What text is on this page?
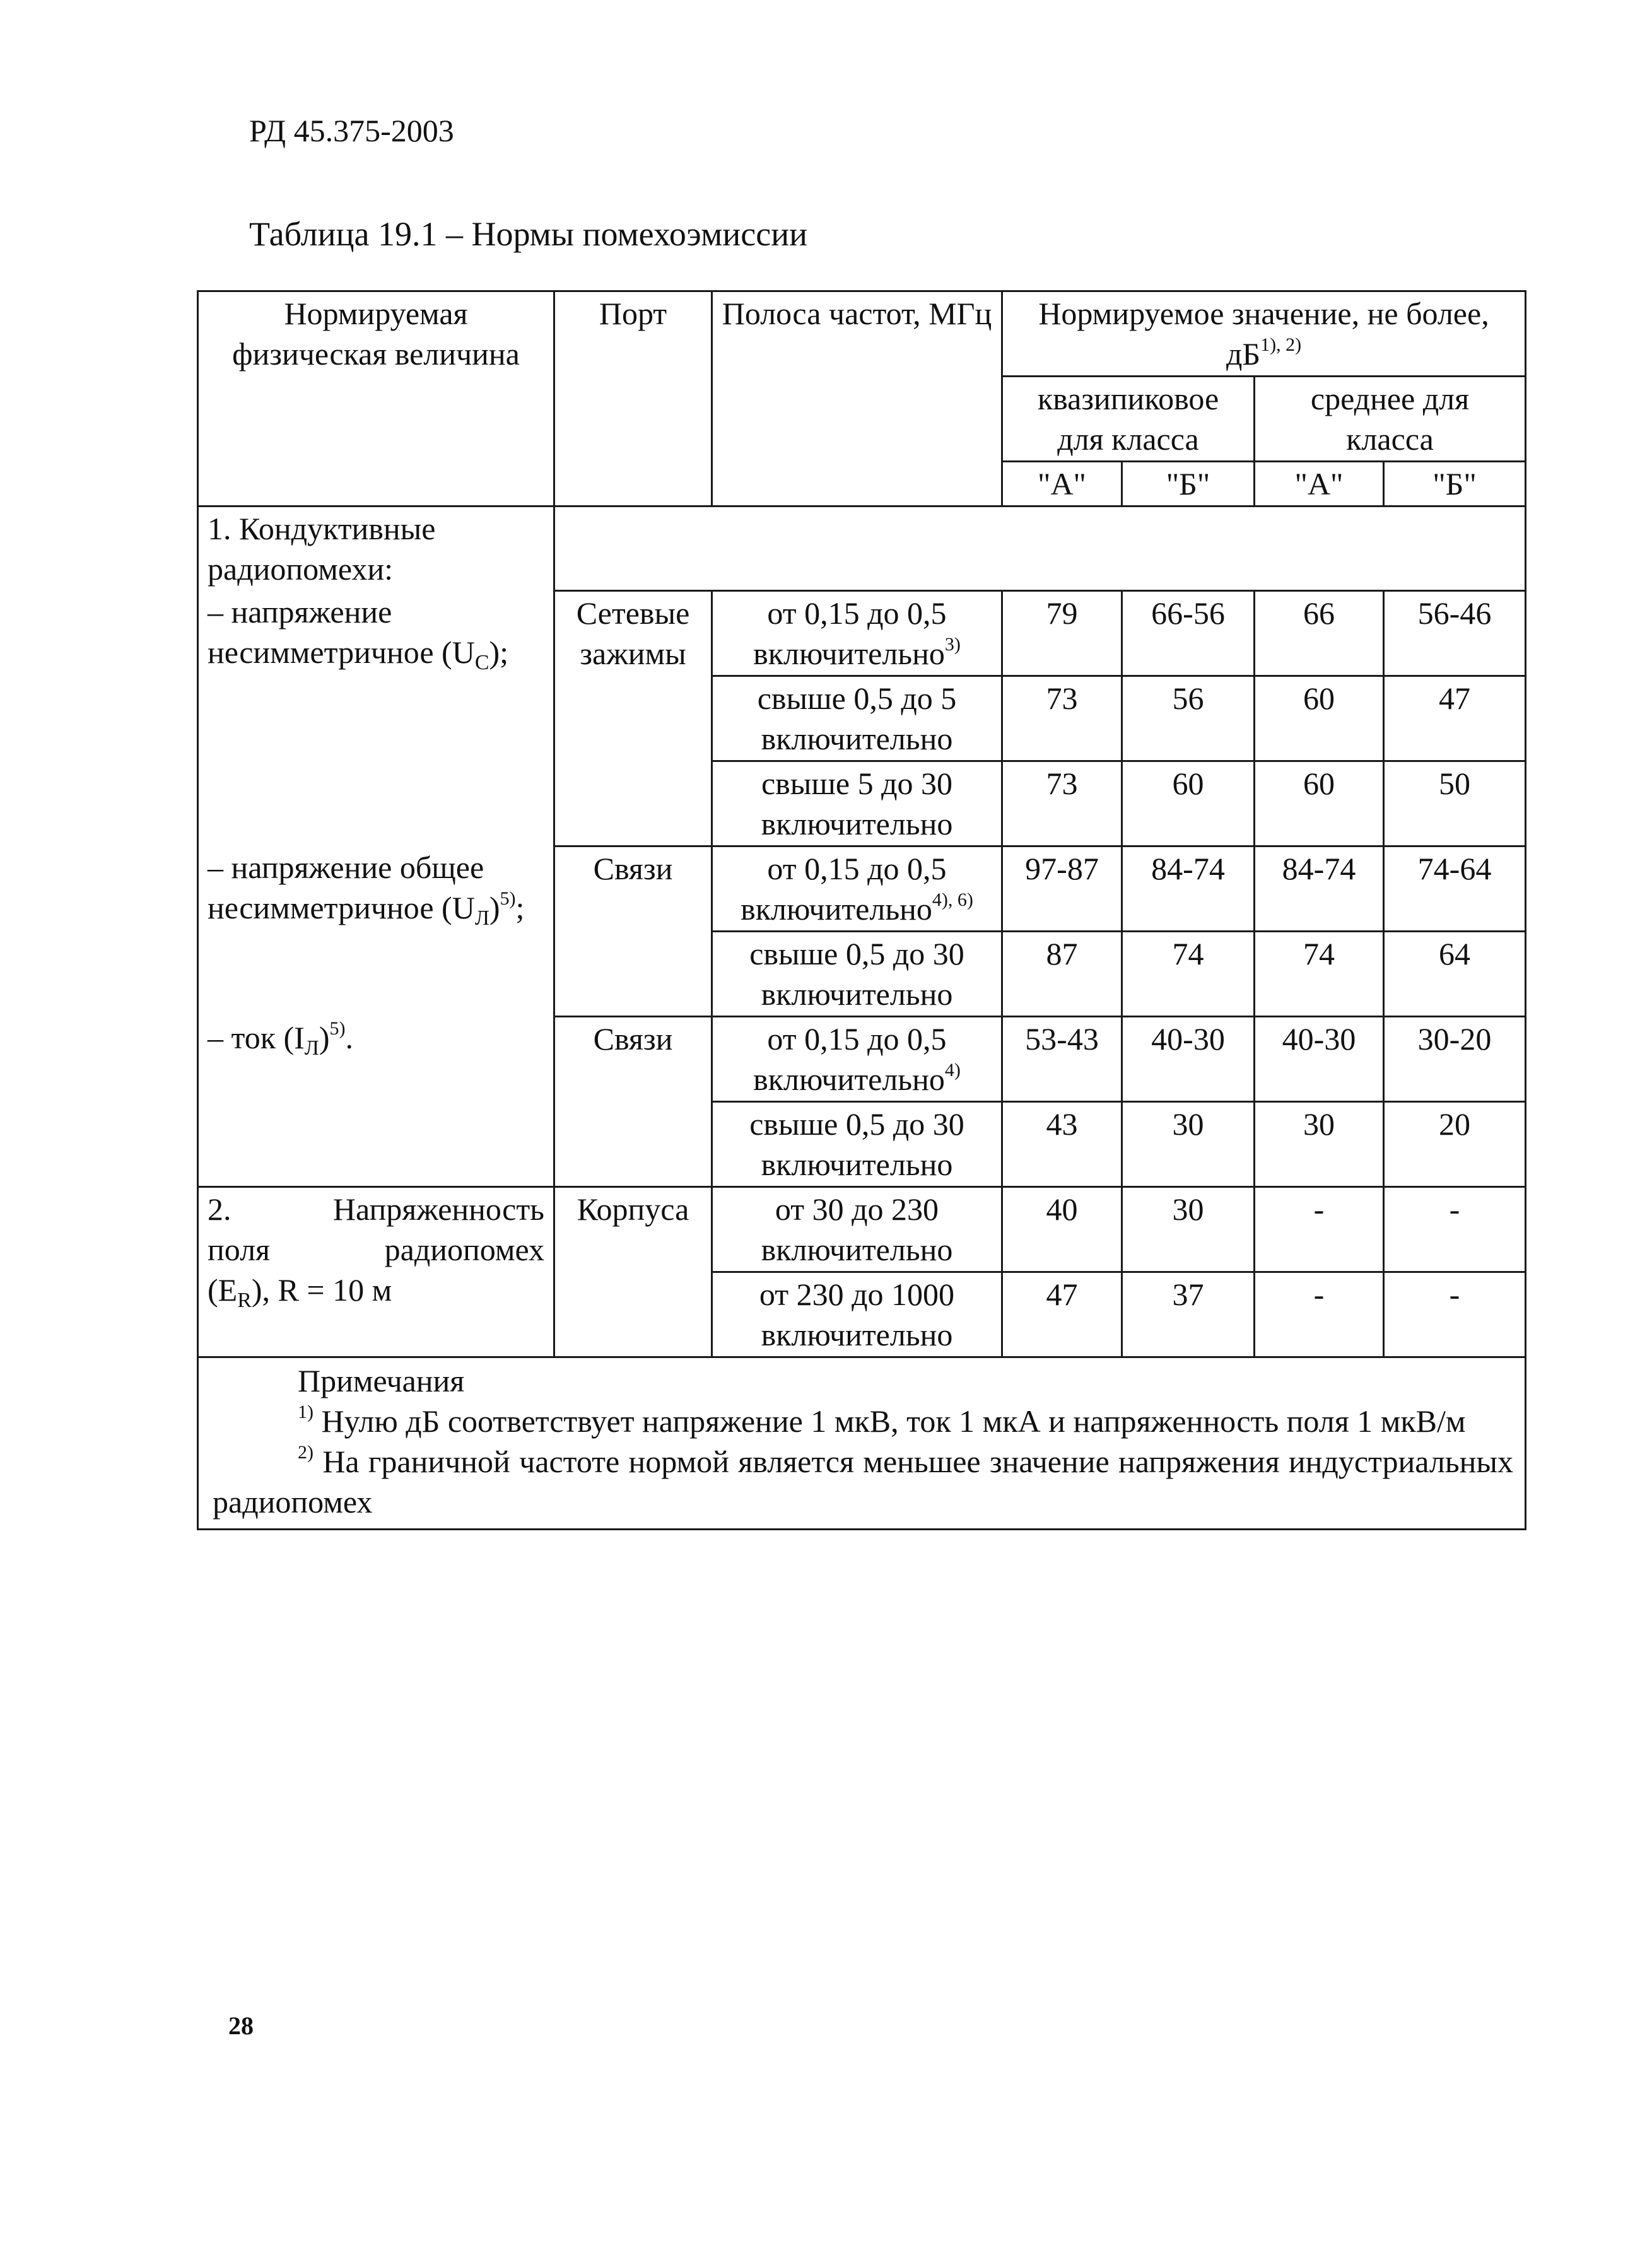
РД 45.375-2003
Таблица 19.1 – Нормы помехоэмиссии
Нормируемая физическая величина	Порт	Полоса частот, МГц	Нормируемое значение, не более, $дБ^{1), 2)}$
			квазипиковое для класса		среднее для класса	
			"А"	"Б"	"А"	"Б"
1. Кондуктивные радиопомехи:						
– напряжение несимметричное $(U_С)$;	Сетевые зажимы	от 0,15 до 0,5 включительно$^{3)}$	79	66-56	66	56-46
		свыше 0,5 до 5 включительно	73	56	60	47
		свыше 5 до 30 включительно	73	60	60	50
– напряжение общее несимметричное $(U_Л)^{5)}$;	Связи	от 0,15 до 0,5 включительно$^{4), 6)}$	97-87	84-74	84-74	74-64
		свыше 0,5 до 30 включительно	87	74	74	64
– ток $(I_Л)^{5)}$.	Связи	от 0,15 до 0,5 включительно$^{4)}$	53-43	40-30	40-30	30-20
		свыше 0,5 до 30 включительно	43	30	30	20

2. Напряженность
поля радиопомех
$(E_R)$, R = 10 м	Корпуса	от 30 до 230 включительно	40	30	-	-
		от 230 до 1000 включительно	47	37	-	-

Примечания
$^{1)}$ Нулю дБ соответствует напряжение 1 мкВ, ток 1 мкА и напряженность поля 1 мкВ/м
$^{2)}$ На граничной частоте нормой является меньшее значение напряжения индустриальных радиопомех						
28
